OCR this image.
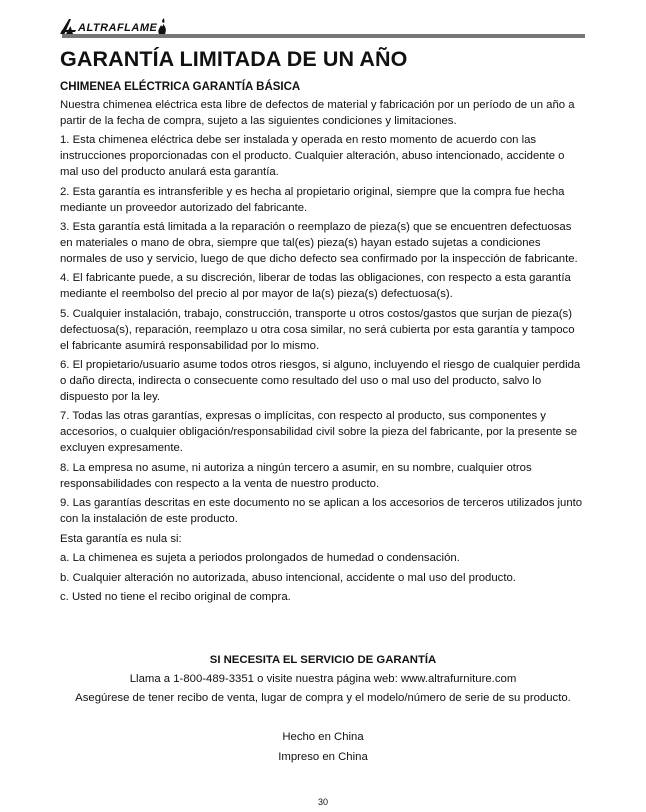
ALTRAFLAME
GARANTÍA LIMITADA DE UN AÑO
CHIMENEA ELÉCTRICA GARANTÍA BÁSICA

Nuestra chimenea eléctrica esta libre de defectos de material y fabricación por un período de un año a partir de la fecha de compra, sujeto a las siguientes condiciones y limitaciones.

1. Esta chimenea eléctrica debe ser instalada y operada en resto momento de acuerdo con las instrucciones proporcionadas con el producto. Cualquier alteración, abuso intencionado, accidente o mal uso del producto anulará esta garantía.

2. Esta garantía es intransferible y es hecha al propietario original, siempre que la compra fue hecha mediante un proveedor autorizado del fabricante.

3. Esta garantía está limitada a la reparación o reemplazo de pieza(s) que se encuentren defectuosas en materiales o mano de obra, siempre que tal(es) pieza(s) hayan estado sujetas a condiciones normales de uso y servicio, luego de que dicho defecto sea confirmado por la inspección de fabricante.

4. El fabricante puede, a su discreción, liberar de todas las obligaciones, con respecto a esta garantía mediante el reembolso del precio al por mayor de la(s) pieza(s) defectuosa(s).

5. Cualquier instalación, trabajo, construcción, transporte u otros costos/gastos que surjan de pieza(s) defectuosa(s), reparación, reemplazo u otra cosa similar, no será cubierta por esta garantía y tampoco el fabricante asumirá responsabilidad por lo mismo.

6. El propietario/usuario asume todos otros riesgos, si alguno, incluyendo el riesgo de cualquier perdida o daño directa, indirecta o consecuente como resultado del uso o mal uso del producto, salvo lo dispuesto por la ley.

7. Todas las otras garantías, expresas o implícitas, con respecto al producto, sus componentes y accesorios, o cualquier obligación/responsabilidad civil sobre la pieza del fabricante, por la presente se excluyen expresamente.

8. La empresa no asume, ni autoriza a ningún tercero a asumir, en su nombre, cualquier otros responsabilidades con respecto a la venta de nuestro producto.

9. Las garantías descritas en este documento no se aplican a los accesorios de terceros utilizados junto con la instalación de este producto.

Esta garantía es nula si:

a. La chimenea es sujeta a periodos prolongados de humedad o condensación.

b. Cualquier alteración no autorizada, abuso intencional, accidente o mal uso del producto.

c. Usted no tiene el recibo original de compra.

SI NECESITA EL SERVICIO DE GARANTÍA
Llama a 1-800-489-3351 o visite nuestra página web: www.altrafurniture.com
Asegúrese de tener recibo de venta, lugar de compra y el modelo/número de serie de su producto.
Hecho en China
Impreso en China
30
